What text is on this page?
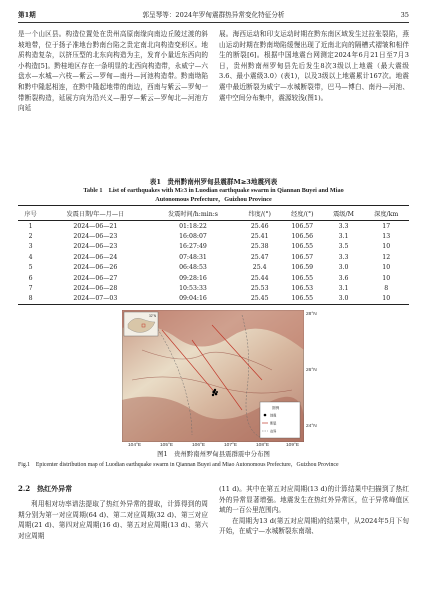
第1期	郭呈琴等：2024年罗甸震群热异常变化特征分析	35

是一个山区县。构造位置处在贵州高原南缘向南边丘陵过渡的斜坡地带，位于扬子准地台黔南台陷之贵定南北向构造变形区。地质构造复杂，以挤压型的北东向构造为主，发育小量近东西向的小构造[5]。黔桂地区存在一条明显的北西向构造带，永威宁—六盘水—水城—六枝—紫云—罗甸—南丹—河池构造带。黔南坳陷和黔中隆起相连，在黔中隆起地带的南边，西南与紫云—罗甸一带断裂构造，延展方向为沿兴义—册亨—紫云—罗甸北—河池方向延

展。海西运动和印支运动时期在黔东南区域发生过拉张裂陷，燕山运动时期在黔南坳陷缓慢出现了近南北向的隔槽式褶皱和相伴生的断裂[6]。根据中国地震台网测定2024年6月21日至7月3日，贵州黔南州罗甸县先后发生8次3级以上地震（最大震级3.6、最小震级3.0）(表1)，以及3级以上地震累计167次。地震震中最近断裂为威宁—水城断裂带，巴马—博白、南丹—河池、震中空间分布集中，震源较浅(图1)。

表1　贵州黔南州罗甸县震群M≥3地震列表
Table 1　List of earthquakes with M≥3 in Luodian earthquake swarm in Qiannan Buyei and Miao
Autonomous Prefecture，Guizhou Province
序号	发震日期/年—月—日	发震时间/h:min:s	纬度/(°)	经度/(°)	震级/M	深度/km
1	2024—06—21	01:18:22	25.46	106.57	3.3	17
2	2024—06—23	16:08:07	25.41	106.56	3.1	13
3	2024—06—23	16:27:49	25.38	106.55	3.5	10
4	2024—06—24	07:48:31	25.47	106.57	3.3	12
5	2024—06—26	06:48:53	25.4	106.59	3.0	10
6	2024—06—27	09:28:16	25.44	106.55	3.6	10
7	2024—06—28	10:53:33	25.53	106.53	3.1	8
8	2024—07—03	09:04:16	25.45	106.55	3.0	10
32°N
图例
地震
断裂
省界
28°N
26°N
24°N
104°E	105°E	106°E	107°E	108°E	109°E
图1　贵州黔南州罗甸县震群震中分布图
Fig.1　Epicenter distribution map of Luodian earthquake swarm in Qiannan Buyei and Miao Autonomous Prefecture，Guizhou Province
2.2　热红外异常

利用相对功率谱法提取了热红外异常的提取，计算得到的周期分别为第一对应周期(64 d)、第二对应周期(32 d)、第三对应周期(21 d)、第四对应周期(16 d)、第五对应周期(13 d)、第六对应周期

(11 d)。其中在第五对应周期(13 d)的计算结果中扫描到了热红外的异常显著增强。地震发生在热红外异常区，位于异常峰值区域的一百公里范围内。

在周期为13 d(第五对应周期)的结果中，从2024年5月下旬开始，在威宁—水城断裂东南端、
